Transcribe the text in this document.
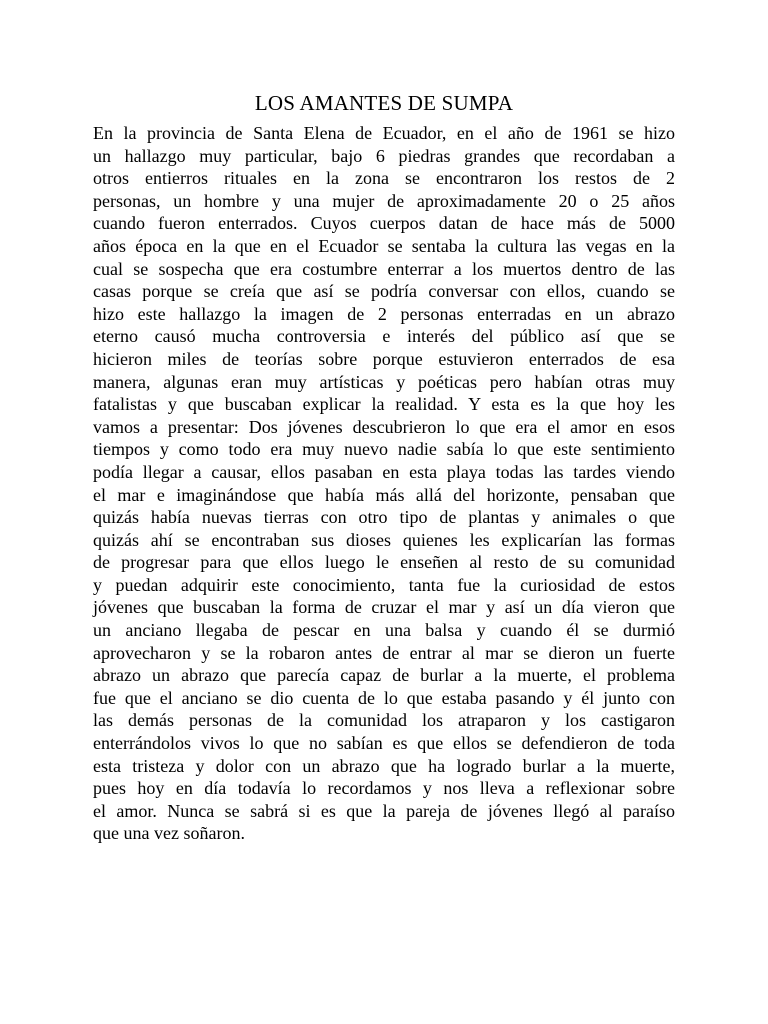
LOS AMANTES DE SUMPA
En la provincia de Santa Elena de Ecuador, en el año de 1961 se hizo
un hallazgo muy particular, bajo 6 piedras grandes que recordaban a
otros entierros rituales en la zona se encontraron los restos de 2
personas, un hombre y una mujer de aproximadamente 20 o 25 años
cuando fueron enterrados. Cuyos cuerpos datan de hace más de 5000
años época en la que en el Ecuador se sentaba la cultura las vegas en la
cual se sospecha que era costumbre enterrar a los muertos dentro de las
casas porque se creía que así se podría conversar con ellos, cuando se
hizo este hallazgo la imagen de 2 personas enterradas en un abrazo
eterno causó mucha controversia e interés del público así que se
hicieron miles de teorías sobre porque estuvieron enterrados de esa
manera, algunas eran muy artísticas y poéticas pero habían otras muy
fatalistas y que buscaban explicar la realidad. Y esta es la que hoy les
vamos a presentar: Dos jóvenes descubrieron lo que era el amor en esos
tiempos y como todo era muy nuevo nadie sabía lo que este sentimiento
podía llegar a causar, ellos pasaban en esta playa todas las tardes viendo
el mar e imaginándose que había más allá del horizonte, pensaban que
quizás había nuevas tierras con otro tipo de plantas y animales o que
quizás ahí se encontraban sus dioses quienes les explicarían las formas
de progresar para que ellos luego le enseñen al resto de su comunidad
y puedan adquirir este conocimiento, tanta fue la curiosidad de estos
jóvenes que buscaban la forma de cruzar el mar y así un día vieron que
un anciano llegaba de pescar en una balsa y cuando él se durmió
aprovecharon y se la robaron antes de entrar al mar se dieron un fuerte
abrazo un abrazo que parecía capaz de burlar a la muerte, el problema
fue que el anciano se dio cuenta de lo que estaba pasando y él junto con
las demás personas de la comunidad los atraparon y los castigaron
enterrándolos vivos lo que no sabían es que ellos se defendieron de toda
esta tristeza y dolor con un abrazo que ha logrado burlar a la muerte,
pues hoy en día todavía lo recordamos y nos lleva a reflexionar sobre
el amor. Nunca se sabrá si es que la pareja de jóvenes llegó al paraíso
que una vez soñaron.
